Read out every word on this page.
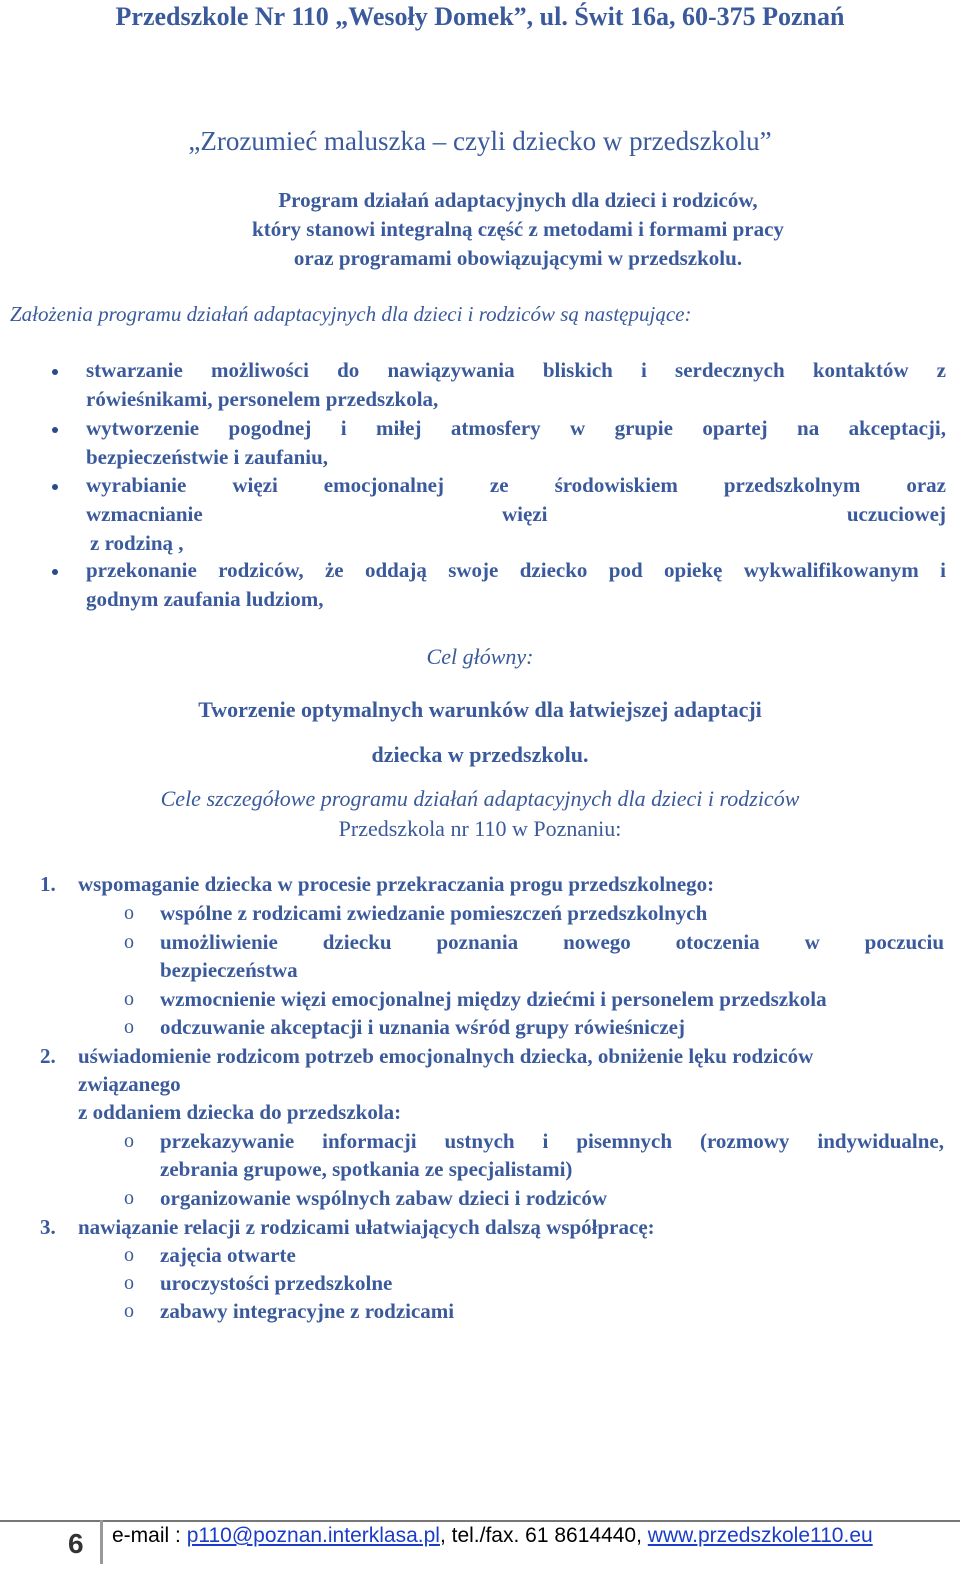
Przedszkole Nr 110 „Wesoły Domek”, ul. Świt 16a, 60-375 Poznań
„Zrozumieć maluszka – czyli dziecko w przedszkolu”
Program działań adaptacyjnych dla dzieci i rodziców,
który stanowi integralną część z metodami i formami pracy
oraz programami obowiązującymi w przedszkolu.
Założenia programu działań adaptacyjnych dla dzieci i rodziców są następujące:
stwarzanie możliwości do nawiązywania bliskich i serdecznych kontaktów z
rówieśnikami, personelem przedszkola,
wytworzenie pogodnej i miłej atmosfery w grupie opartej na akceptacji,
bezpieczeństwie i zaufaniu,
wyrabianie więzi emocjonalnej ze środowiskiem przedszkolnym oraz
wzmacnianie więzi uczuciowej
z rodziną ,
przekonanie rodziców, że oddają swoje dziecko pod opiekę wykwalifikowanym i
godnym zaufania ludziom,
Cel główny:
Tworzenie optymalnych warunków dla łatwiejszej adaptacji
dziecka w przedszkolu.
Cele szczegółowe programu działań adaptacyjnych dla dzieci i rodziców
Przedszkola nr 110 w Poznaniu:
1. wspomaganie dziecka w procesie przekraczania progu przedszkolnego:
o wspólne z rodzicami zwiedzanie pomieszczeń przedszkolnych
o umożliwienie dziecku poznania nowego otoczenia w poczuciu
bezpieczeństwa
o wzmocnienie więzi emocjonalnej między dziećmi i personelem przedszkola
o odczuwanie akceptacji i uznania wśród grupy rówieśniczej
2. uświadomienie rodzicom potrzeb emocjonalnych dziecka, obniżenie lęku rodziców
związanego
z oddaniem dziecka do przedszkola:
o przekazywanie informacji ustnych i pisemnych (rozmowy indywidualne,
zebrania grupowe, spotkania ze specjalistami)
o organizowanie wspólnych zabaw dzieci i rodziców
3. nawiązanie relacji z rodzicami ułatwiających dalszą współpracę:
o zajęcia otwarte
o uroczystości przedszkolne
o zabawy integracyjne z rodzicami
6 e-mail : p110@poznan.interklasa.pl, tel./fax. 61 8614440, www.przedszkole110.eu
